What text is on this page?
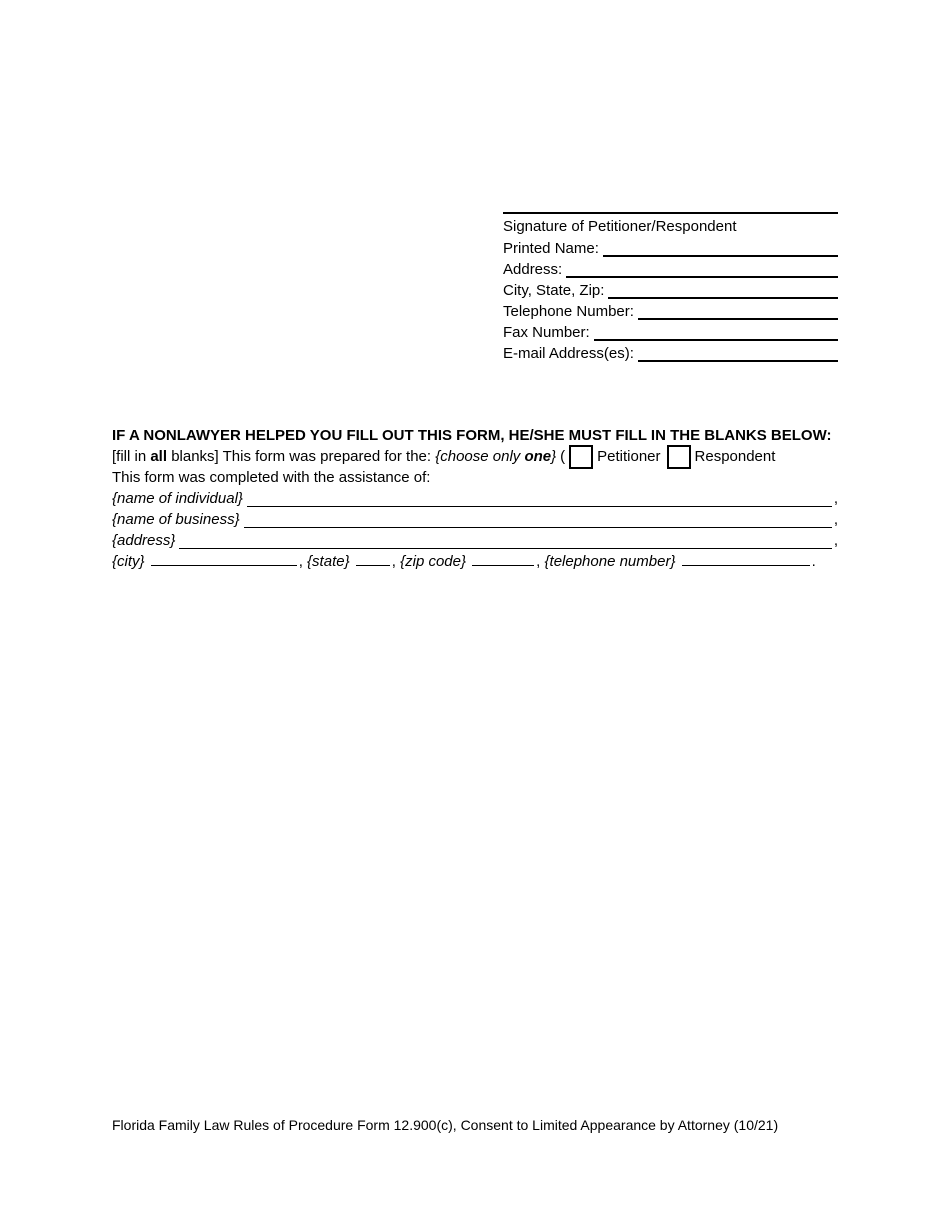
Signature of Petitioner/Respondent
Printed Name:
Address:
City, State, Zip:
Telephone Number:
Fax Number:
E-mail Address(es):
IF A NONLAWYER HELPED YOU FILL OUT THIS FORM, HE/SHE MUST FILL IN THE BLANKS BELOW:
[fill in all blanks] This form was prepared for the: {choose only one } ( Petitioner Respondent
This form was completed with the assistance of:
{name of individual}	,
{name of business}	,
{address}	,
{city}	, {state}	, {zip code}	, {telephone number}	.
Florida Family Law Rules of Procedure Form 12.900(c), Consent to Limited Appearance by Attorney (10/21)
